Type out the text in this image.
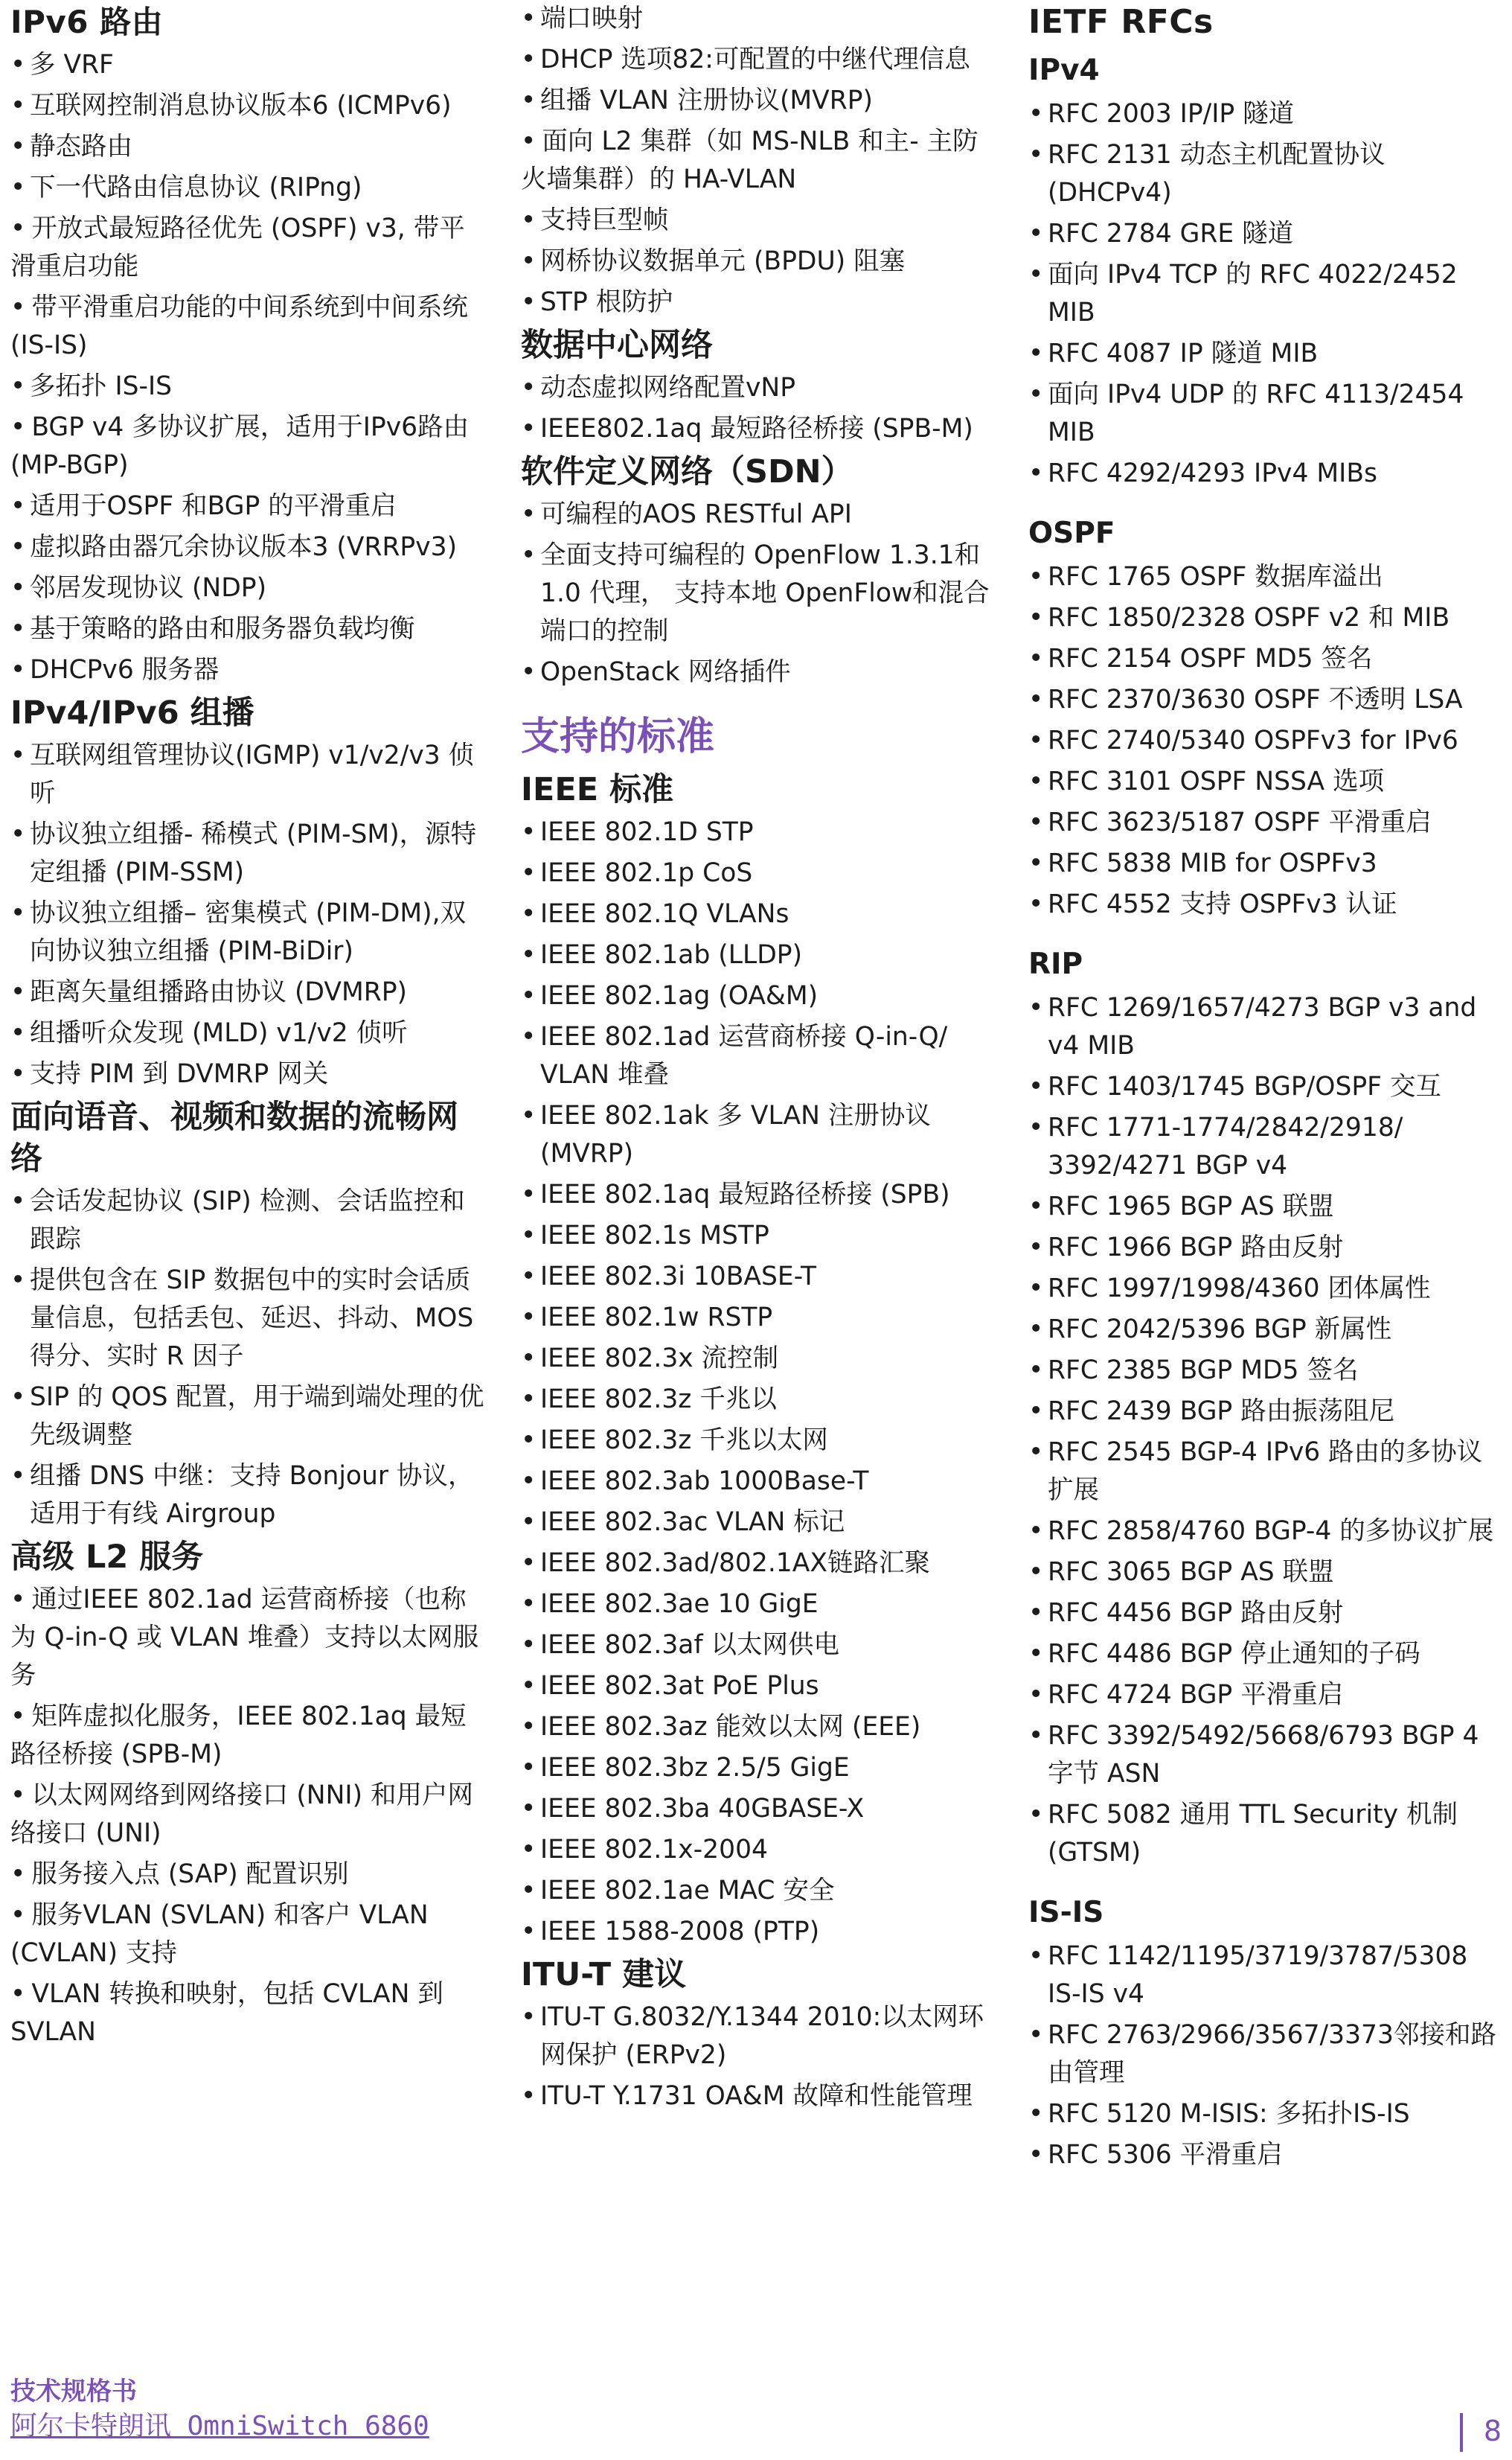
IPv6 路由
• 多 VRF
• 互联网控制消息协议版本6 (ICMPv6)
• 静态路由
• 下一代路由信息协议 (RIPng)
• 开放式最短路径优先 (OSPF) v3, 带平滑重启功能
• 带平滑重启功能的中间系统到中间系统 (IS-IS)
• 多拓扑 IS-IS
• BGP v4 多协议扩展，适用于IPv6路由(MP-BGP)
• 适用于OSPF 和BGP 的平滑重启
• 虚拟路由器冗余协议版本3 (VRRPv3)
• 邻居发现协议 (NDP)
• 基于策略的路由和服务器负载均衡
• DHCPv6 服务器
IPv4/IPv6 组播
• 互联网组管理协议(IGMP) v1/v2/v3 侦听
• 协议独立组播- 稀模式 (PIM-SM)，源特定组播 (PIM-SSM)
• 协议独立组播– 密集模式 (PIM-DM),双向协议独立组播 (PIM-BiDir)
• 距离矢量组播路由协议 (DVMRP)
• 组播听众发现 (MLD) v1/v2 侦听
• 支持 PIM 到 DVMRP 网关
面向语音、视频和数据的流畅网络
• 会话发起协议 (SIP) 检测、会话监控和跟踪
• 提供包含在 SIP 数据包中的实时会话质量信息，包括丢包、延迟、抖动、MOS 得分、实时 R 因子
• SIP 的 QOS 配置，用于端到端处理的优先级调整
• 组播 DNS 中继：支持 Bonjour 协议，适用于有线 Airgroup
高级 L2 服务
• 通过IEEE 802.1ad 运营商桥接（也称为 Q-in-Q 或 VLAN 堆叠）支持以太网服务
• 矩阵虚拟化服务，IEEE 802.1aq 最短路径桥接 (SPB-M)
• 以太网网络到网络接口 (NNI) 和用户网络接口 (UNI)
• 服务接入点 (SAP) 配置识别
• 服务VLAN (SVLAN) 和客户 VLAN (CVLAN) 支持
• VLAN 转换和映射，包括 CVLAN 到 SVLAN
• 端口映射
• DHCP 选项82:可配置的中继代理信息
• 组播 VLAN 注册协议(MVRP)
• 面向 L2 集群（如 MS-NLB 和主- 主防火墙集群）的 HA-VLAN
• 支持巨型帧
• 网桥协议数据单元 (BPDU) 阻塞
• STP 根防护
数据中心网络
• 动态虚拟网络配置vNP
• IEEE802.1aq 最短路径桥接 (SPB-M)
软件定义网络（SDN）
• 可编程的AOS RESTful API
• 全面支持可编程的 OpenFlow 1.3.1和 1.0 代理， 支持本地 OpenFlow和混合端口的控制
• OpenStack 网络插件
支持的标准
IEEE 标准
• IEEE 802.1D STP
• IEEE 802.1p CoS
• IEEE 802.1Q VLANs
• IEEE 802.1ab (LLDP)
• IEEE 802.1ag (OA&M)
• IEEE 802.1ad 运营商桥接 Q-in-Q/ VLAN 堆叠
• IEEE 802.1ak 多 VLAN 注册协议 (MVRP)
• IEEE 802.1aq 最短路径桥接 (SPB)
• IEEE 802.1s MSTP
• IEEE 802.3i 10BASE-T
• IEEE 802.1w RSTP
• IEEE 802.3x 流控制
• IEEE 802.3z 千兆以
• IEEE 802.3z 千兆以太网
• IEEE 802.3ab 1000Base-T
• IEEE 802.3ac VLAN 标记
• IEEE 802.3ad/802.1AX链路汇聚
• IEEE 802.3ae 10 GigE
• IEEE 802.3af 以太网供电
• IEEE 802.3at PoE Plus
• IEEE 802.3az 能效以太网 (EEE)
• IEEE 802.3bz 2.5/5 GigE
• IEEE 802.3ba 40GBASE-X
• IEEE 802.1x-2004
• IEEE 802.1ae MAC 安全
• IEEE 1588-2008 (PTP)
ITU-T 建议
• ITU-T G.8032/Y.1344 2010:以太网环网保护 (ERPv2)
• ITU-T Y.1731 OA&M 故障和性能管理
IETF RFCs
IPv4
• RFC 2003 IP/IP 隧道
• RFC 2131 动态主机配置协议 (DHCPv4)
• RFC 2784 GRE 隧道
• 面向 IPv4 TCP 的 RFC 4022/2452 MIB
• RFC 4087 IP 隧道 MIB
• 面向 IPv4 UDP 的 RFC 4113/2454 MIB
• RFC 4292/4293 IPv4 MIBs
OSPF
• RFC 1765 OSPF 数据库溢出
• RFC 1850/2328 OSPF v2 和 MIB
• RFC 2154 OSPF MD5 签名
• RFC 2370/3630 OSPF 不透明 LSA
• RFC 2740/5340 OSPFv3 for IPv6
• RFC 3101 OSPF NSSA 选项
• RFC 3623/5187 OSPF 平滑重启
• RFC 5838 MIB for OSPFv3
• RFC 4552 支持 OSPFv3 认证
RIP
• RFC 1269/1657/4273 BGP v3 and v4 MIB
• RFC 1403/1745 BGP/OSPF 交互
• RFC 1771-1774/2842/2918/ 3392/4271 BGP v4
• RFC 1965 BGP AS 联盟
• RFC 1966 BGP 路由反射
• RFC 1997/1998/4360 团体属性
• RFC 2042/5396 BGP 新属性
• RFC 2385 BGP MD5 签名
• RFC 2439 BGP 路由振荡阻尼
• RFC 2545 BGP-4 IPv6 路由的多协议扩展
• RFC 2858/4760 BGP-4 的多协议扩展
• RFC 3065 BGP AS 联盟
• RFC 4456 BGP 路由反射
• RFC 4486 BGP 停止通知的子码
• RFC 4724 BGP 平滑重启
• RFC 3392/5492/5668/6793 BGP 4 字节 ASN
• RFC 5082 通用 TTL Security 机制 (GTSM)
IS-IS
• RFC 1142/1195/3719/3787/5308 IS-IS v4
• RFC 2763/2966/3567/3373邻接和路由管理
• RFC 5120 M-ISIS: 多拓扑IS-IS
• RFC 5306 平滑重启
技术规格书
阿尔卡特朗讯 OmniSwitch 6860	8
